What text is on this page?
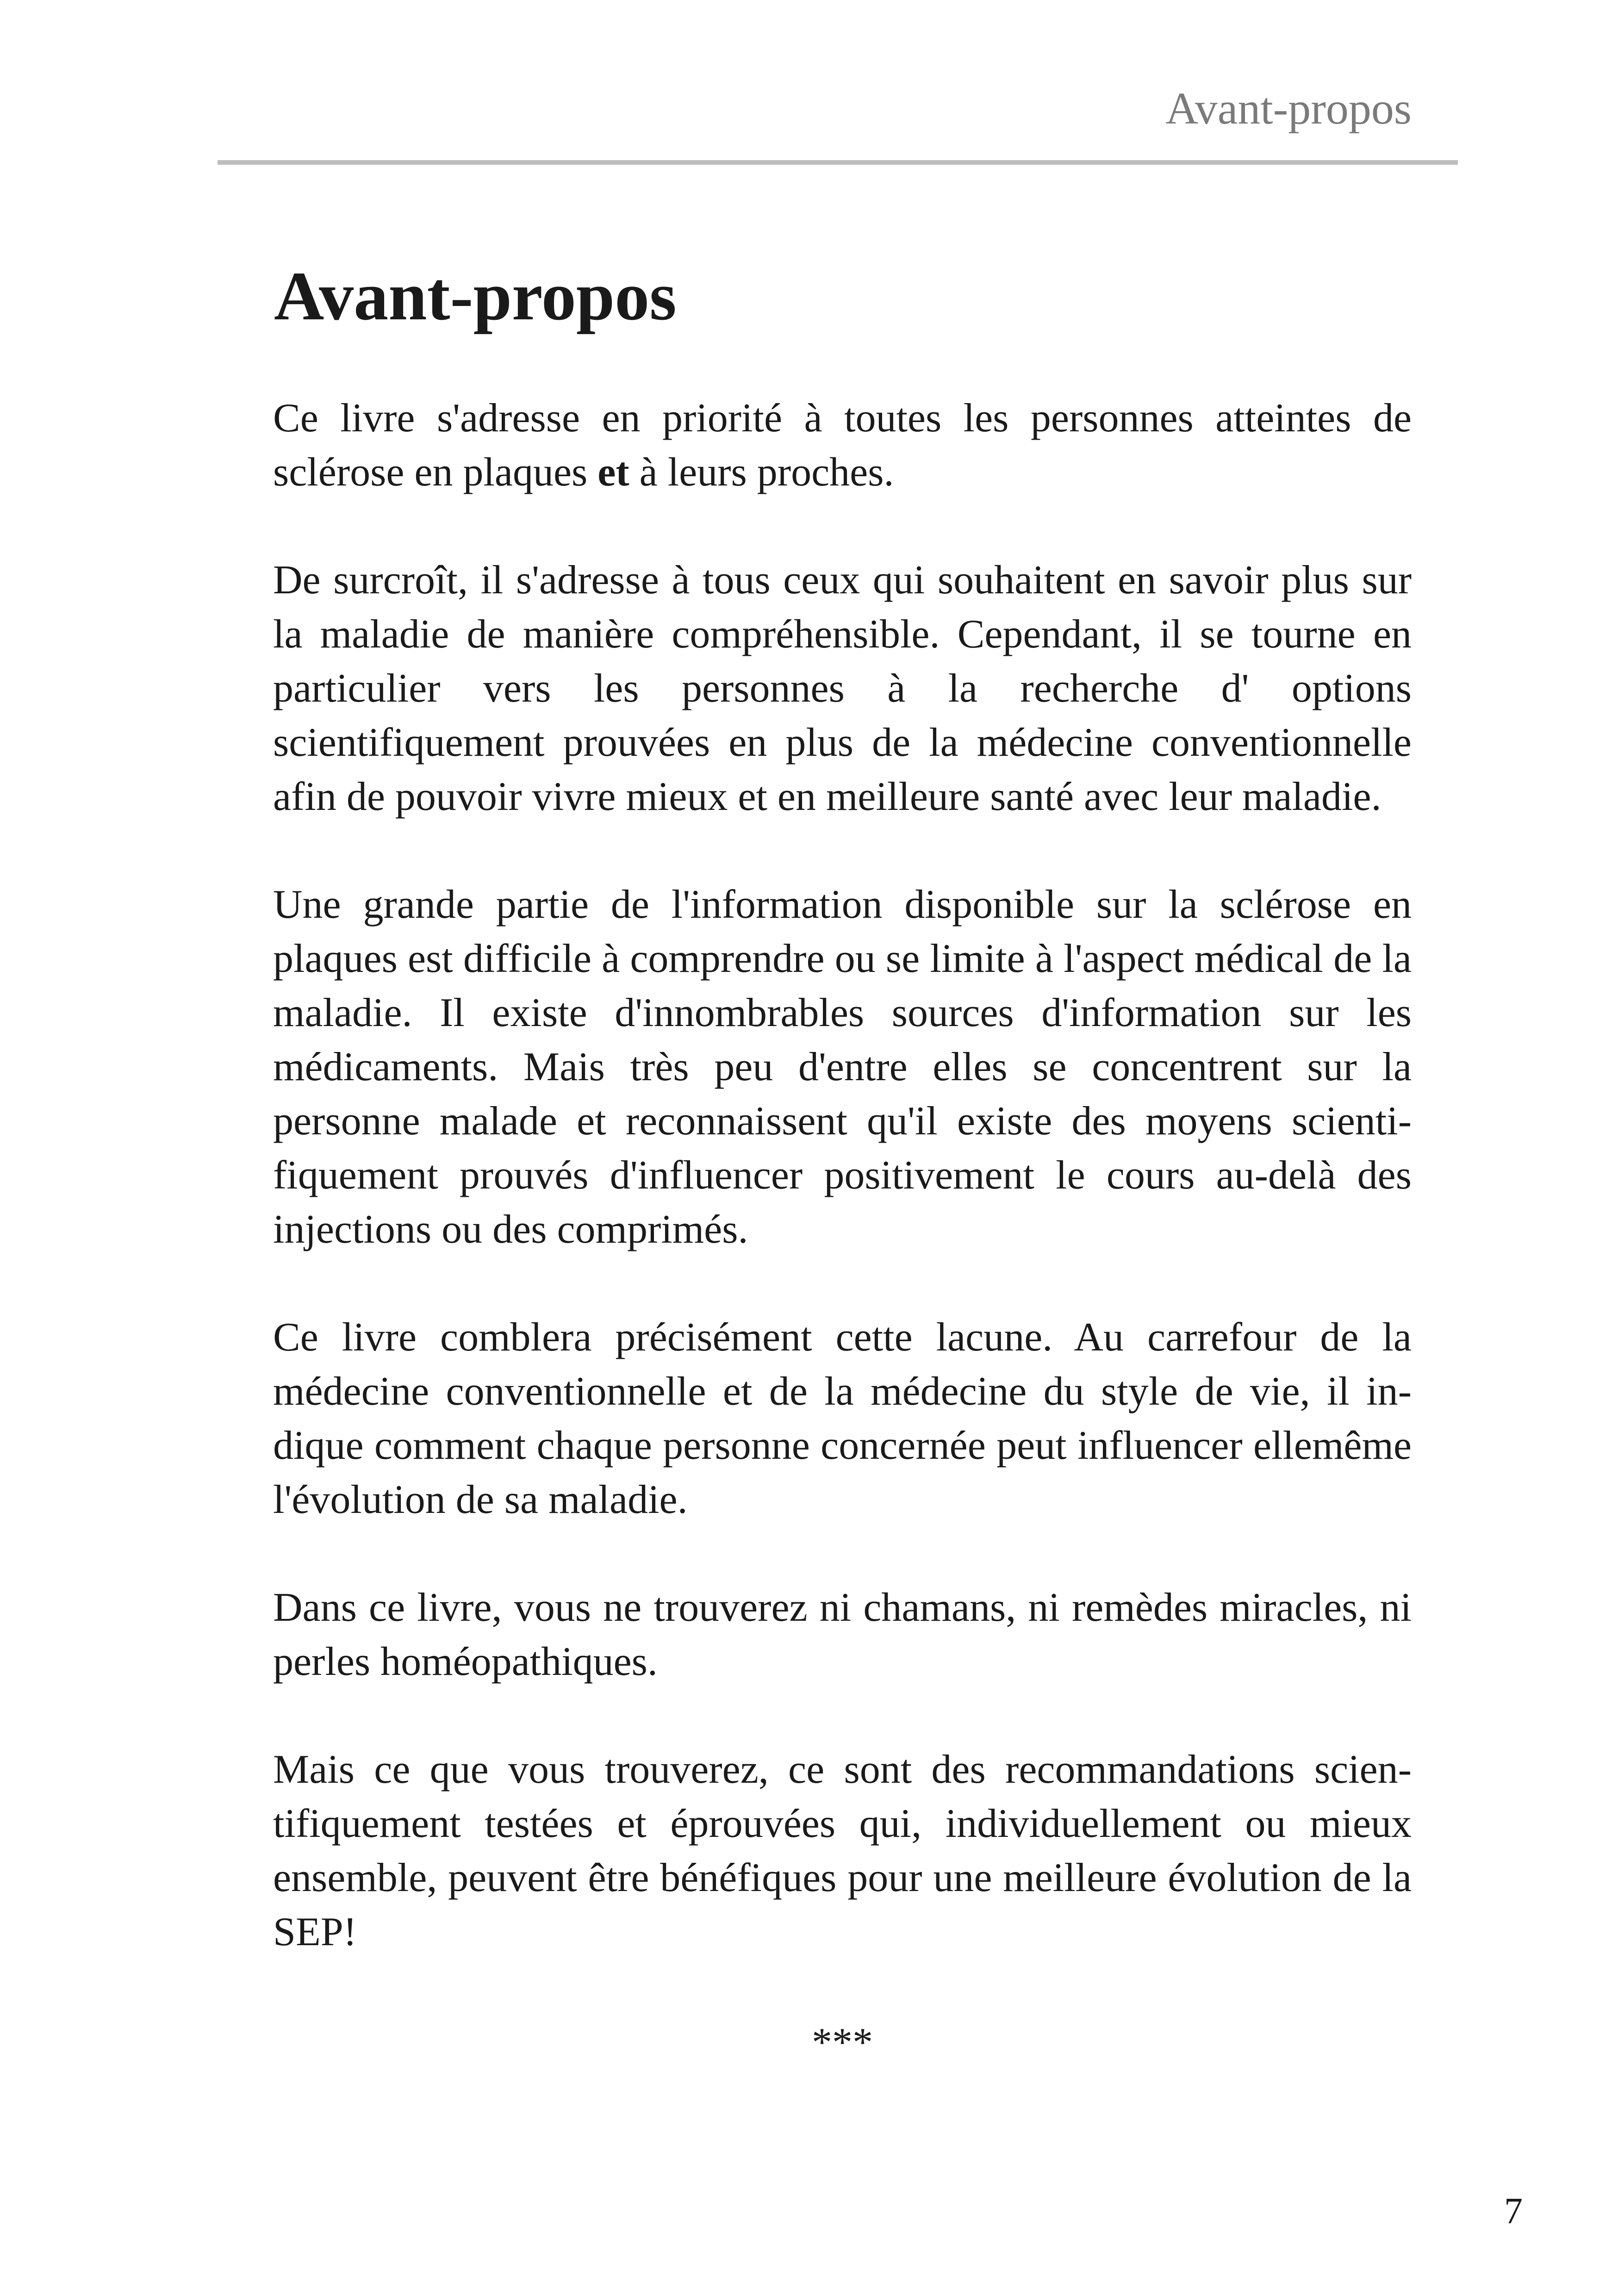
Avant-propos
Avant-propos

Ce livre s'adresse en priorité à toutes les personnes atteintes de sclérose en plaques et à leurs proches.

De surcroît, il s'adresse à tous ceux qui souhaitent en savoir plus sur la maladie de manière compréhensible. Cependant, il se tourne en particulier vers les personnes à la recherche d' options scientifiquement prouvées en plus de la médecine conventionnelle afin de pouvoir vivre mieux et en meilleure santé avec leur maladie.

Une grande partie de l'information disponible sur la sclérose en plaques est difficile à comprendre ou se limite à l'aspect médical de la maladie. Il existe d'innombrables sources d'information sur les médicaments. Mais très peu d'entre elles se concentrent sur la personne malade et reconnaissent qu'il existe des moyens scientifiquement prouvés d'influencer positivement le cours au-delà des injections ou des comprimés.

Ce livre comblera précisément cette lacune. Au carrefour de la médecine conventionnelle et de la médecine du style de vie, il indique comment chaque personne concernée peut influencer ellemême l'évolution de sa maladie.

Dans ce livre, vous ne trouverez ni chamans, ni remèdes miracles, ni perles homéopathiques.

Mais ce que vous trouverez, ce sont des recommandations scientifiquement testées et éprouvées qui, individuellement ou mieux ensemble, peuvent être bénéfiques pour une meilleure évolution de la SEP!

***
7
